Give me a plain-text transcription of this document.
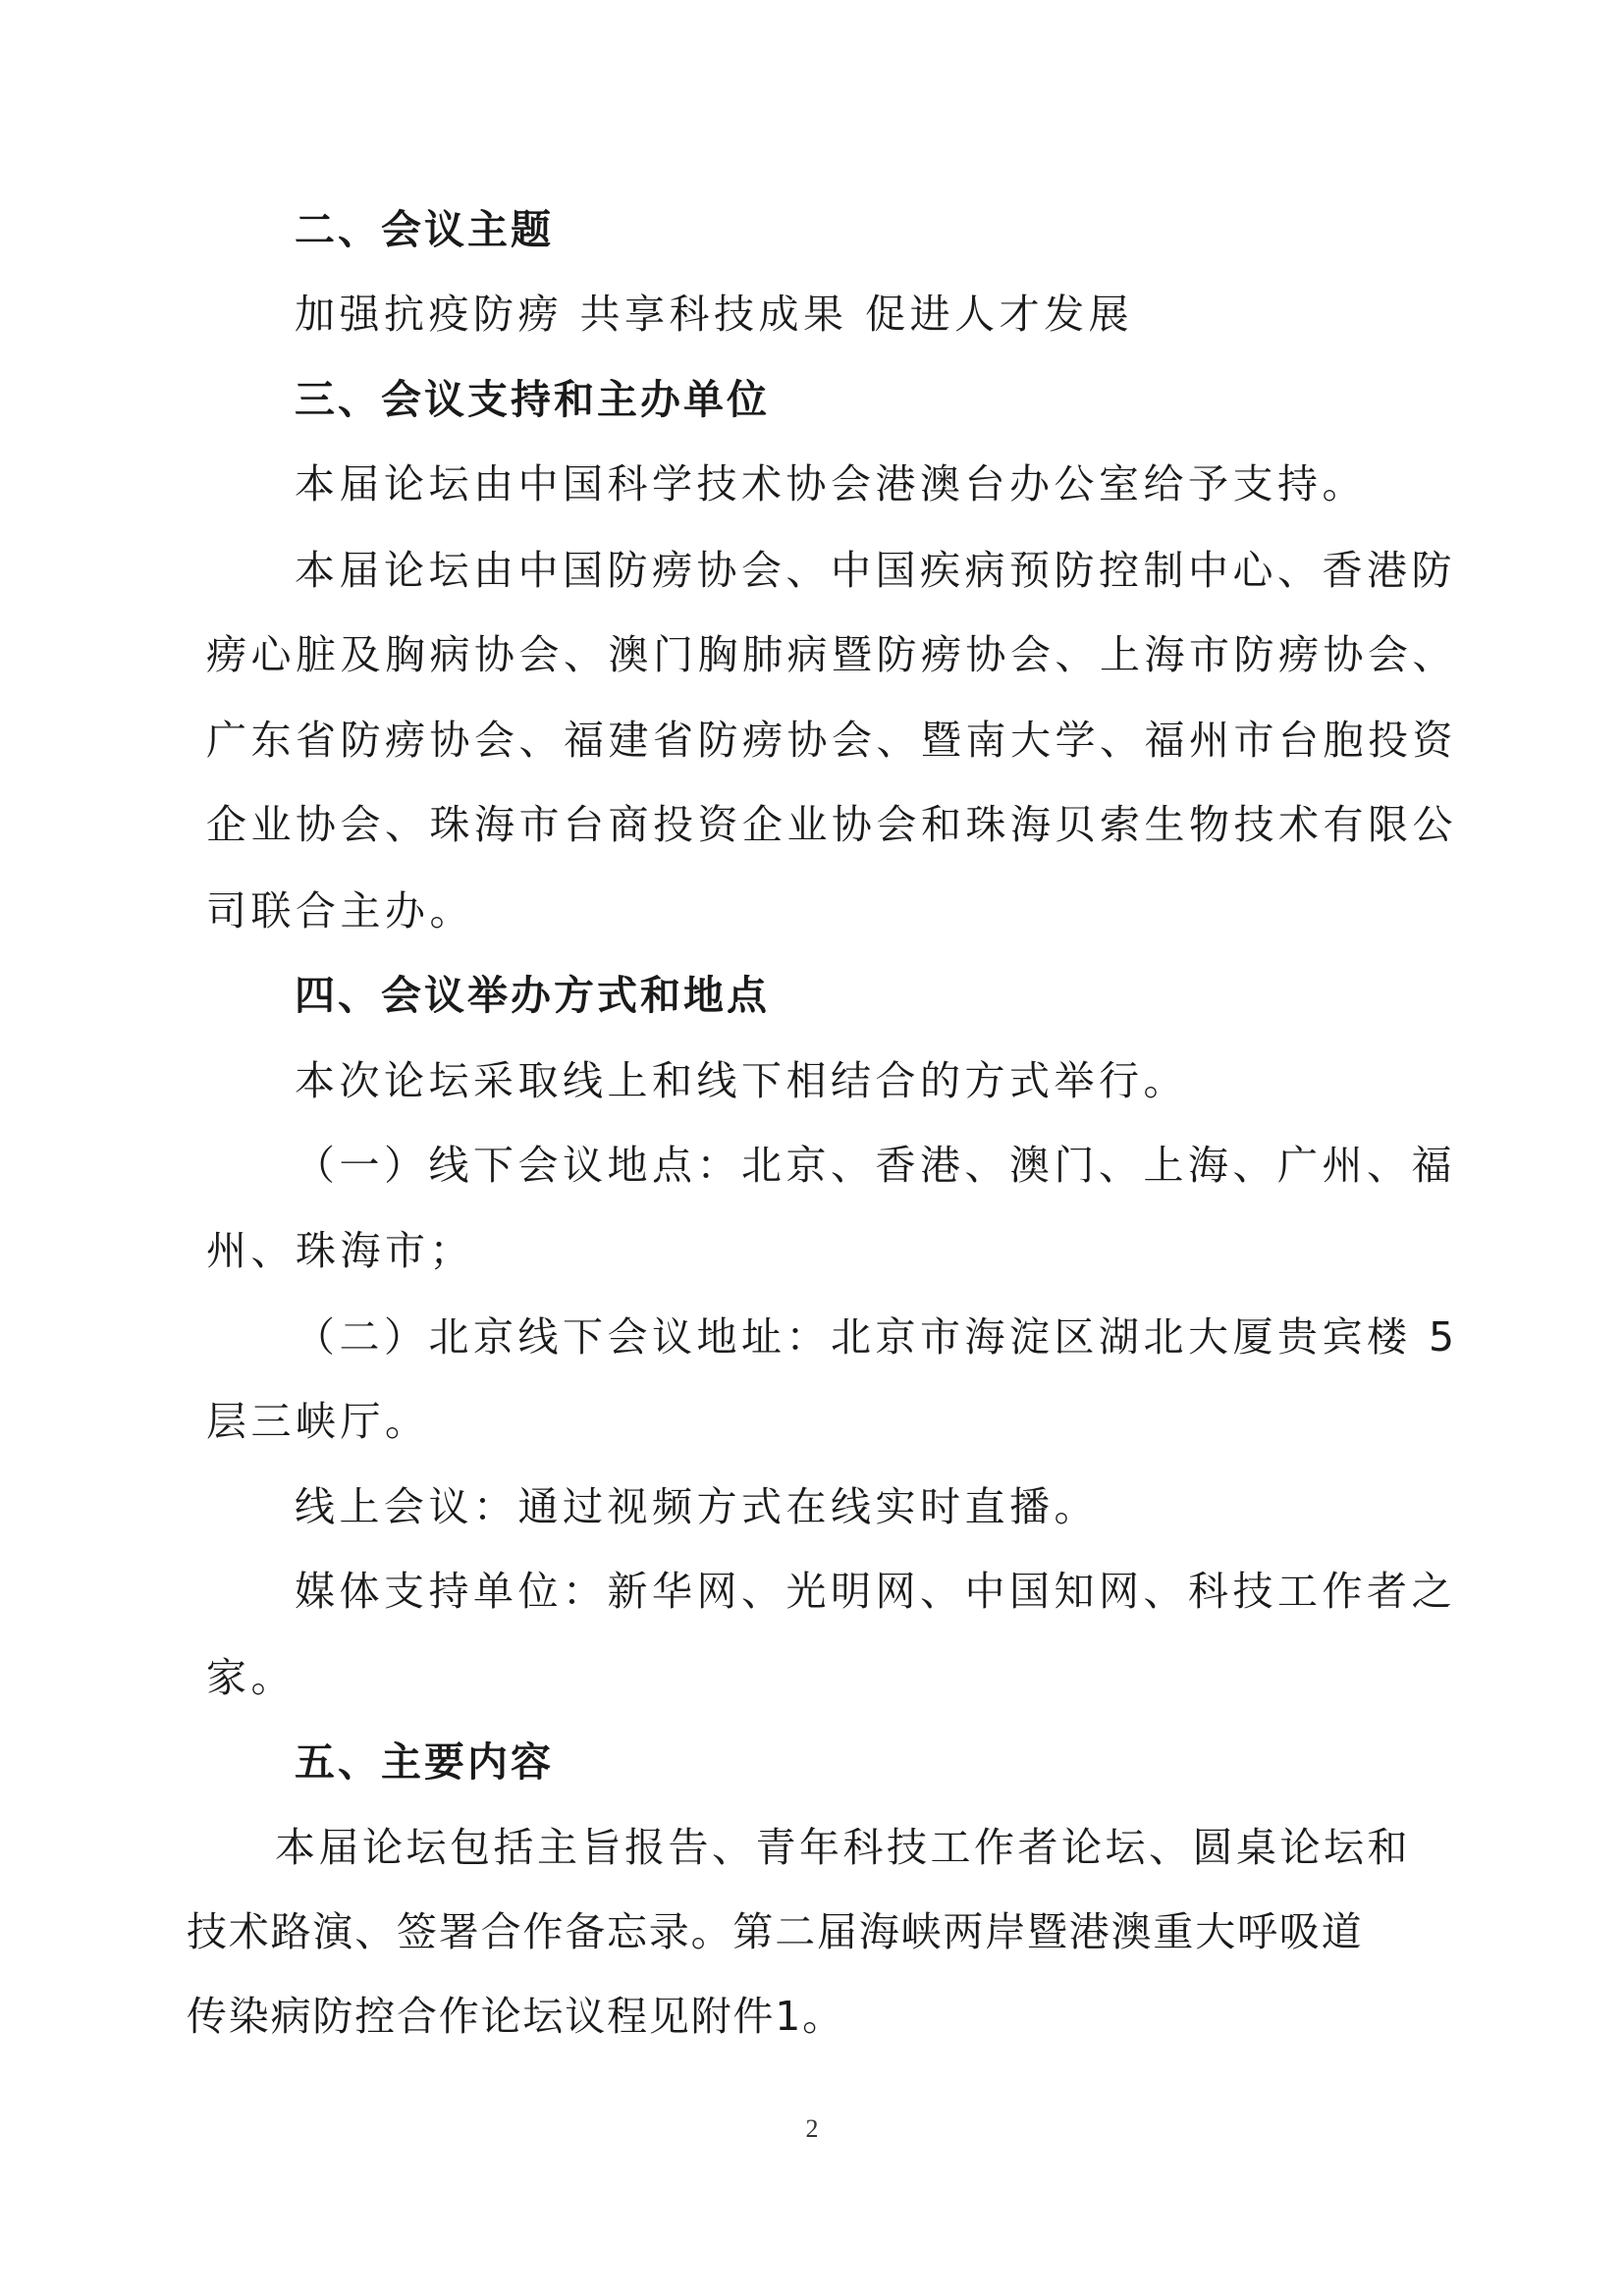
二、会议主题
加强抗疫防痨 共享科技成果 促进人才发展
三、会议支持和主办单位
本届论坛由中国科学技术协会港澳台办公室给予支持。
本届论坛由中国防痨协会、中国疾病预防控制中心、香港防
痨心脏及胸病协会、澳门胸肺病暨防痨协会、上海市防痨协会、
广东省防痨协会、福建省防痨协会、暨南大学、福州市台胞投资
企业协会、珠海市台商投资企业协会和珠海贝索生物技术有限公
司联合主办。
四、会议举办方式和地点
本次论坛采取线上和线下相结合的方式举行。
（一）线下会议地点：北京、香港、澳门、上海、广州、福
州、珠海市；
（二）北京线下会议地址：北京市海淀区湖北大厦贵宾楼 5
层三峡厅。
线上会议：通过视频方式在线实时直播。
媒体支持单位：新华网、光明网、中国知网、科技工作者之
家。
五、主要内容
本届论坛包括主旨报告、青年科技工作者论坛、圆桌论坛和
技术路演、签署合作备忘录。第二届海峡两岸暨港澳重大呼吸道
传染病防控合作论坛议程见附件1。
2
